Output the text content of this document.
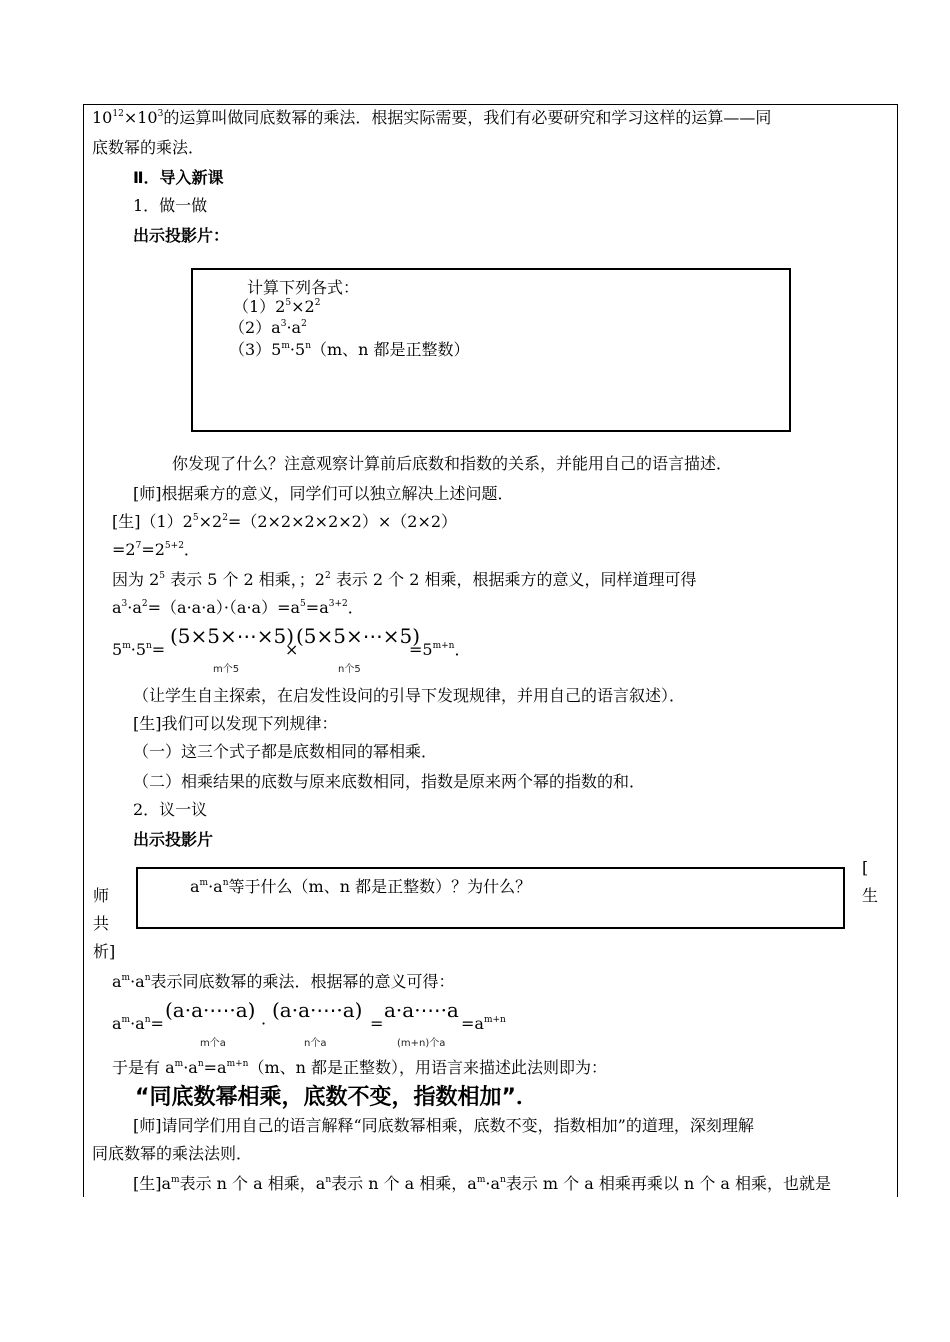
$10^{12}\times 10^3$的运算叫做同底数幂的乘法．根据实际需要，我们有必要研究和学习这样的运算——同
底数幂的乘法．
Ⅱ．导入新课
1．做一做
出示投影片：
计算下列各式：
$(1)2^5\times 2^2$
$(2)a^3\cdot a^2$
$(3)5^m\cdot 5^n(m$、n 都是正整数）
你发现了什么？注意观察计算前后底数和指数的关系，并能用自己的语言描述．
[师]根据乘方的意义，同学们可以独立解决上述问题．
[生]$(1)2^5\times 2^2=(2\times 2\times 2\times 2\times 2)\times(2\times 2)$
$=2^7=2^{5+2}$．
因为 $2^5$ 表示 5 个 2 相乘，；$2^2$ 表示 2 个 2 相乘，根据乘方的意义，同样道理可得
$a^3\cdot a^2=(a\cdot a\cdot a)\cdot(a\cdot a)=a^5=a^{3+2}$．
$5^m\cdot 5^n=$
(5×5×⋯×5)
×
(5×5×⋯×5)
$=5^{m+n}$．
m个5	n个5
（让学生自主探索，在启发性设问的引导下发现规律，并用自己的语言叙述）．
[生]我们可以发现下列规律：
（一）这三个式子都是底数相同的幂相乘．
（二）相乘结果的底数与原来底数相同，指数是原来两个幂的指数的和．
2．议一议
出示投影片
$a^m\cdot a^n$等于什么（m、n 都是正整数）？为什么？
师
共
析]
[
生
$a^m\cdot a^n$表示同底数幂的乘法．根据幂的意义可得：
$a^m\cdot a^n=$
(a·a·⋯·a)
·
(a·a·⋯·a)
=
a·a·⋯·a
$=a^{m+n}$
m个a	n个a	(m+n)个a
于是有 $a^m\cdot a^n=a^{m+n}(m$、n 都是正整数），用语言来描述此法则即为：
“同底数幂相乘，底数不变，指数相加”．
[师]请同学们用自己的语言解释“同底数幂相乘，底数不变，指数相加”的道理，深刻理解
同底数幂的乘法法则．
[生]$a^m$表示 n 个 a 相乘，$a^n$表示 n 个 a 相乘，$a^m\cdot a^n$表示 m 个 a 相乘再乘以 n 个 a 相乘，也就是
